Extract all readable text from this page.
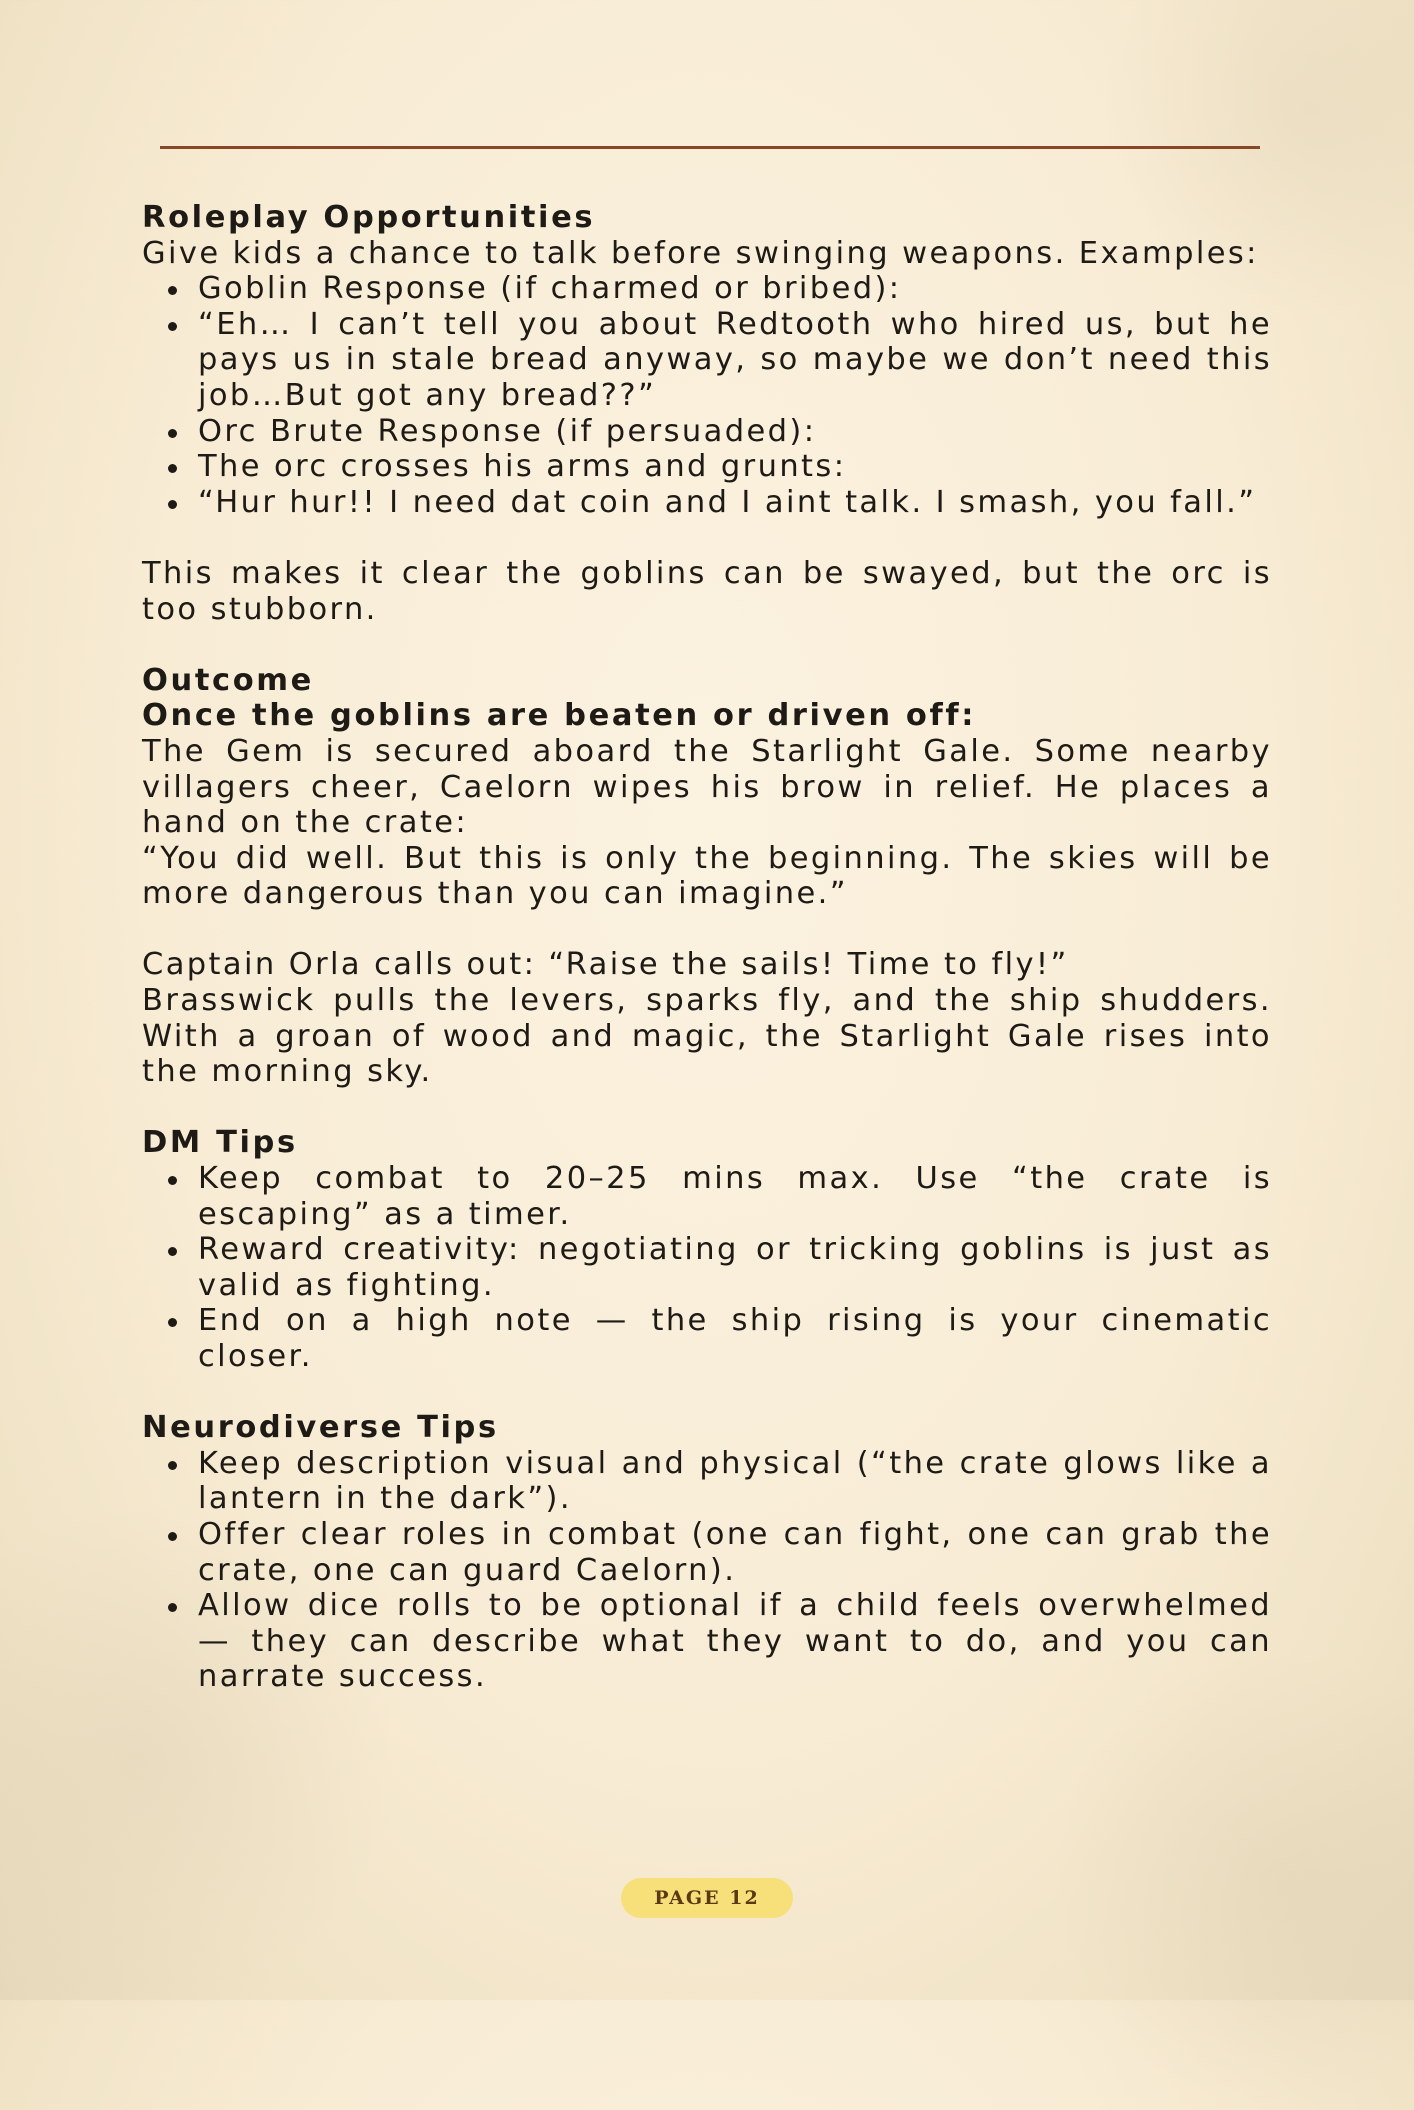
Roleplay Opportunities

Give kids a chance to talk before swinging weapons. Examples:

Goblin Response (if charmed or bribed):
“Eh… I can’t tell you about Redtooth who hired us, but he pays us in stale bread anyway, so maybe we don’t need this job…But got any bread??”
Orc Brute Response (if persuaded):
The orc crosses his arms and grunts:
“Hur hur!! I need dat coin and I aint talk. I smash, you fall.”

This makes it clear the goblins can be swayed, but the orc is too stubborn.

Outcome

Once the goblins are beaten or driven off:

The Gem is secured aboard the Starlight Gale. Some nearby villagers cheer, Caelorn wipes his brow in relief. He places a hand on the crate:

“You did well. But this is only the beginning. The skies will be more dangerous than you can imagine.”

Captain Orla calls out: “Raise the sails! Time to fly!”

Brasswick pulls the levers, sparks fly, and the ship shudders. With a groan of wood and magic, the Starlight Gale rises into the morning sky.

DM Tips

Keep combat to 20–25 mins max. Use “the crate is escaping” as a timer.
Reward creativity: negotiating or tricking goblins is just as valid as fighting.
End on a high note — the ship rising is your cinematic closer.

Neurodiverse Tips

Keep description visual and physical (“the crate glows like a lantern in the dark”).
Offer clear roles in combat (one can fight, one can grab the crate, one can guard Caelorn).
Allow dice rolls to be optional if a child feels overwhelmed — they can describe what they want to do, and you can narrate success.
PAGE 12
